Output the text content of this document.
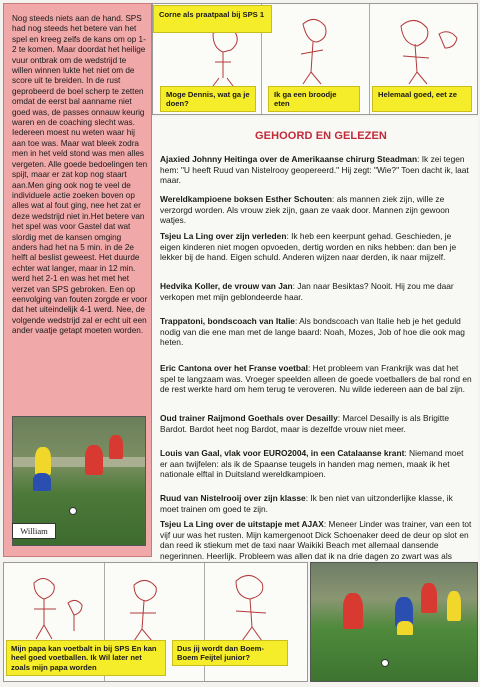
Nog steeds niets aan de hand. SPS had nog steeds het betere van het spel en kreeg zelfs de kans om op 1-2 te komen. Maar doordat het heilige vuur ontbrak om de wedstrijd te willen winnen lukte het niet om de score uit te breiden. In de rust geprobeerd de boel scherp te zetten omdat de eerst bal aanname niet goed was, de passes onnauw keurig waren en de coaching slecht was. Iedereen moest nu weten waar hij aan toe was. Maar wat bleek zodra men in het veld stond was men alles vergeten. Alle goede bedoelingen ten spijt, maar er zat kop nog staart aan.Men ging ook nog te veel de individuele actie zoeken boven op alles wat al fout ging, nee het zat er deze wedstrijd niet in.Het betere van het spel was voor Gastel dat wat slordig met de kansen omging anders had het na 5 min. in de 2e helft al beslist geweest. Het duurde echter wat langer, maar in 12 min. werd het 2-1 en was het met het verzet van SPS gebroken. Een op eenvolging van fouten zorgde er voor dat het uiteindelijk 4-1 werd. Nee, de volgende wedstrijd zal er echt uit een ander vaatje getapt moeten worden.
William
Corne als praatpaal bij SPS 1
Moge Dennis, wat ga je doen?
Ik ga een broodje eten
Helemaal goed, eet ze
GEHOORD EN GELEZEN
Ajaxied Johnny Heitinga over de Amerikaanse chirurg Steadman: Ik zei tegen hem: "U heeft Ruud van Nistelrooy geopereerd." Hij zegt: "Wie?" Toen dacht ik, laat maar.
Wereldkampioene boksen Esther Schouten: als mannen ziek zijn, wille ze verzorgd worden. Als vrouw ziek zijn, gaan ze vaak door. Mannen zijn gewoon watjes.
Tsjeu La Ling over zijn verleden: Ik heb een keerpunt gehad. Geschieden, je eigen kinderen niet mogen opvoeden, dertig worden en niks hebben: dan ben je lekker bij de hand. Eigen schuld. Anderen wijzen naar derden, ik naar mijzelf.
Hedvika Koller, de vrouw van Jan: Jan naar Besiktas? Nooit. Hij zou me daar verkopen met mijn geblondeerde haar.
Trappatoni, bondscoach van Italie: Als bondscoach van Italie heb je het geduld nodig van die ene man met de lange baard: Noah, Mozes, Job of hoe die ook mag heten.
Eric Cantona over het Franse voetbal: Het probleem van Frankrijk was dat het spel te langzaam was. Vroeger speelden alleen de goede voetballers de bal rond en de rest werkte hard om hem terug te veroveren. Nu wilde iedereen aan de bal zijn.
Oud trainer Raijmond Goethals over Desailly: Marcel Desailly is als Brigitte Bardot. Bardot heet nog Bardot, maar is dezelfde vrouw niet meer.
Louis van Gaal, vlak voor EURO2004, in een Catalaanse krant: Niemand moet er aan twijfelen: als ik de Spaanse teugels in handen mag nemen, maak ik het nationale elftal in Duitsland wereldkampioen.
Ruud van Nistelrooij over zijn klasse: Ik ben niet van uitzonderlijke klasse, ik moet trainen om goed te zijn.
Tsjeu La Ling over de uitstapje met AJAX: Meneer Linder was trainer, van een tot vijf uur was het rusten. Mijn kamergenoot Dick Schoenaker deed de deur op slot en dan reed ik stiekum met de taxi naar Waikiki Beach met allemaal dansende negerinnen. Heerlijk. Probleem was allen dat ik na drie dagen zo zwart was als
Mijn papa kan voetbalt in bij SPS En kan heel goed voetballen. Ik Wil later net zoals mijn papa worden
Dus jij wordt dan Boem-Boem Feijtel junior?
